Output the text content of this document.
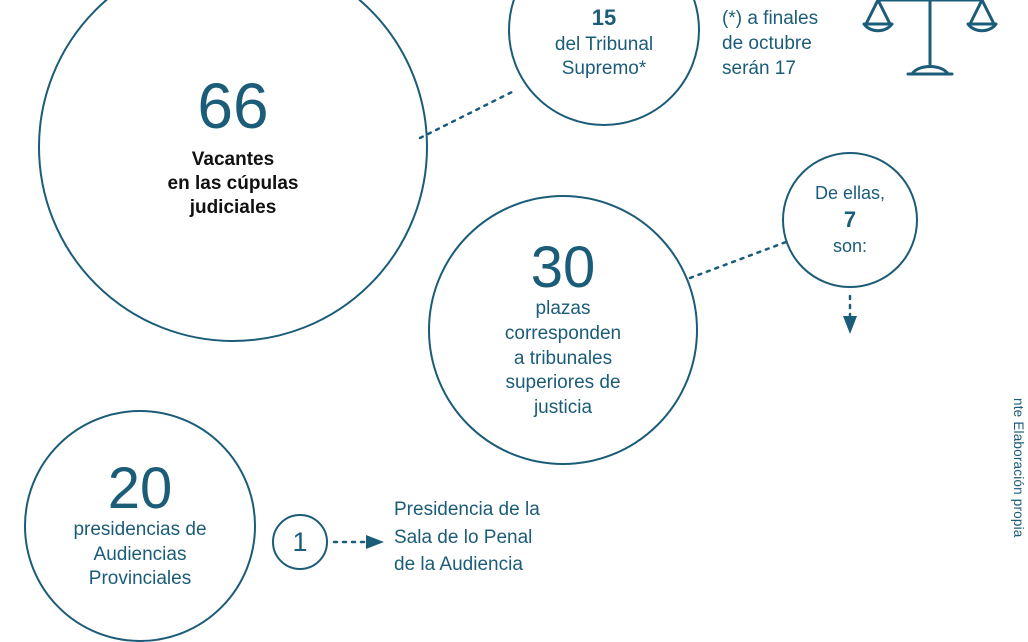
66
Vacantes
en las cúpulas
judiciales
15
del Tribunal
Supremo*
(*) a finales
de octubre
serán 17
30
plazas
corresponden
a tribunales
superiores de
justicia
De ellas,
7
son:
20
presidencias de
Audiencias
Provinciales
1
Presidencia de la
Sala de lo Penal
de la Audiencia
nte Elaboración propia
